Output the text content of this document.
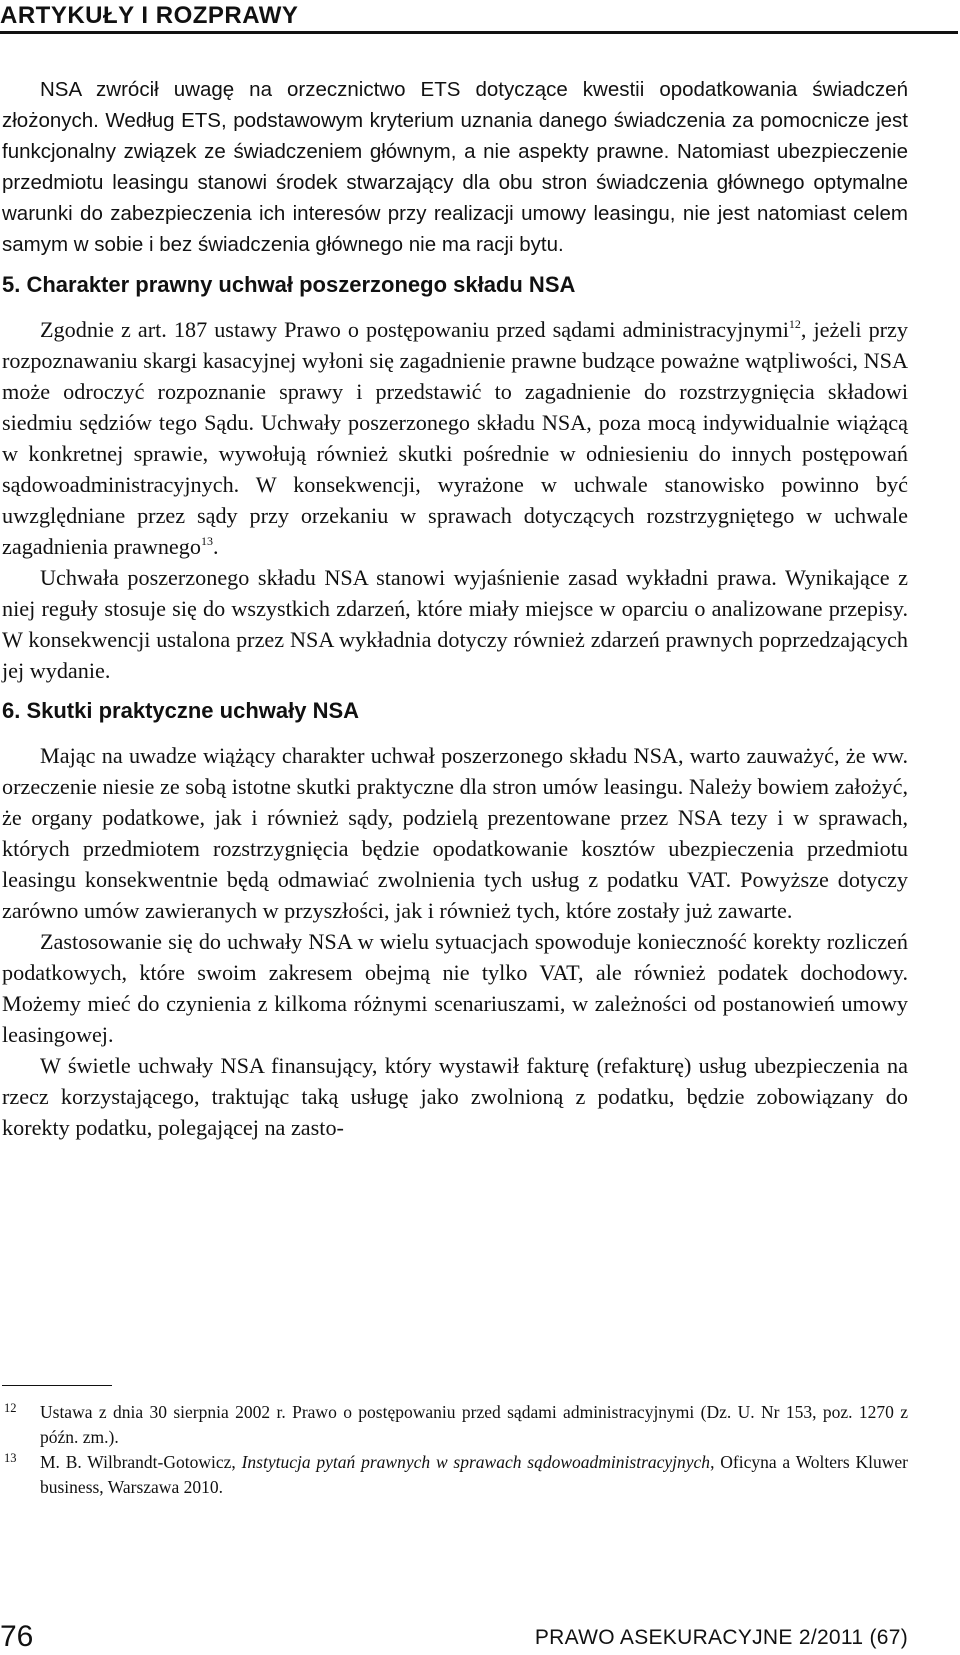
ARTYKUŁY I ROZPRAWY

NSA zwrócił uwagę na orzecznictwo ETS dotyczące kwestii opodatkowania świadczeń złożonych. Według ETS, podstawowym kryterium uznania danego świadczenia za pomocnicze jest funkcjonalny związek ze świadczeniem głównym, a nie aspekty prawne. Natomiast ubezpieczenie przedmiotu leasingu stanowi środek stwarzający dla obu stron świadczenia głównego optymalne warunki do zabezpieczenia ich interesów przy realizacji umowy leasingu, nie jest natomiast celem samym w sobie i bez świadczenia głównego nie ma racji bytu.

5. Charakter prawny uchwał poszerzonego składu NSA

Zgodnie z art. 187 ustawy Prawo o postępowaniu przed sądami administracyjnymi$^{12}$, jeżeli przy rozpoznawaniu skargi kasacyjnej wyłoni się zagadnienie prawne budzące poważne wątpliwości, NSA może odroczyć rozpoznanie sprawy i przedstawić to zagadnienie do rozstrzygnięcia składowi siedmiu sędziów tego Sądu. Uchwały poszerzonego składu NSA, poza mocą indywidualnie wiążącą w konkretnej sprawie, wywołują również skutki pośrednie w odniesieniu do innych postępowań sądowoadministracyjnych. W konsekwencji, wyrażone w uchwale stanowisko powinno być uwzględniane przez sądy przy orzekaniu w sprawach dotyczących rozstrzygniętego w uchwale zagadnienia prawnego$^{13}$.

Uchwała poszerzonego składu NSA stanowi wyjaśnienie zasad wykładni prawa. Wynikające z niej reguły stosuje się do wszystkich zdarzeń, które miały miejsce w oparciu o analizowane przepisy. W konsekwencji ustalona przez NSA wykładnia dotyczy również zdarzeń prawnych poprzedzających jej wydanie.

6. Skutki praktyczne uchwały NSA

Mając na uwadze wiążący charakter uchwał poszerzonego składu NSA, warto zauważyć, że ww. orzeczenie niesie ze sobą istotne skutki praktyczne dla stron umów leasingu. Należy bowiem założyć, że organy podatkowe, jak i również sądy, podzielą prezentowane przez NSA tezy i w sprawach, których przedmiotem rozstrzygnięcia będzie opodatkowanie kosztów ubezpieczenia przedmiotu leasingu konsekwentnie będą odmawiać zwolnienia tych usług z podatku VAT. Powyższe dotyczy zarówno umów zawieranych w przyszłości, jak i również tych, które zostały już zawarte.

Zastosowanie się do uchwały NSA w wielu sytuacjach spowoduje konieczność korekty rozliczeń podatkowych, które swoim zakresem obejmą nie tylko VAT, ale również podatek dochodowy. Możemy mieć do czynienia z kilkoma różnymi scenariuszami, w zależności od postanowień umowy leasingowej.

W świetle uchwały NSA finansujący, który wystawił fakturę (refakturę) usług ubezpieczenia na rzecz korzystającego, traktując taką usługę jako zwolnioną z podatku, będzie zobowiązany do korekty podatku, polegającej na zasto-

12 Ustawa z dnia 30 sierpnia 2002 r. Prawo o postępowaniu przed sądami administracyjnymi (Dz. U. Nr 153, poz. 1270 z późn. zm.).
13 M. B. Wilbrandt-Gotowicz, Instytucja pytań prawnych w sprawach sądowoadministracyjnych, Oficyna a Wolters Kluwer business, Warszawa 2010.
76	PRAWO ASEKURACYJNE 2/2011 (67)
